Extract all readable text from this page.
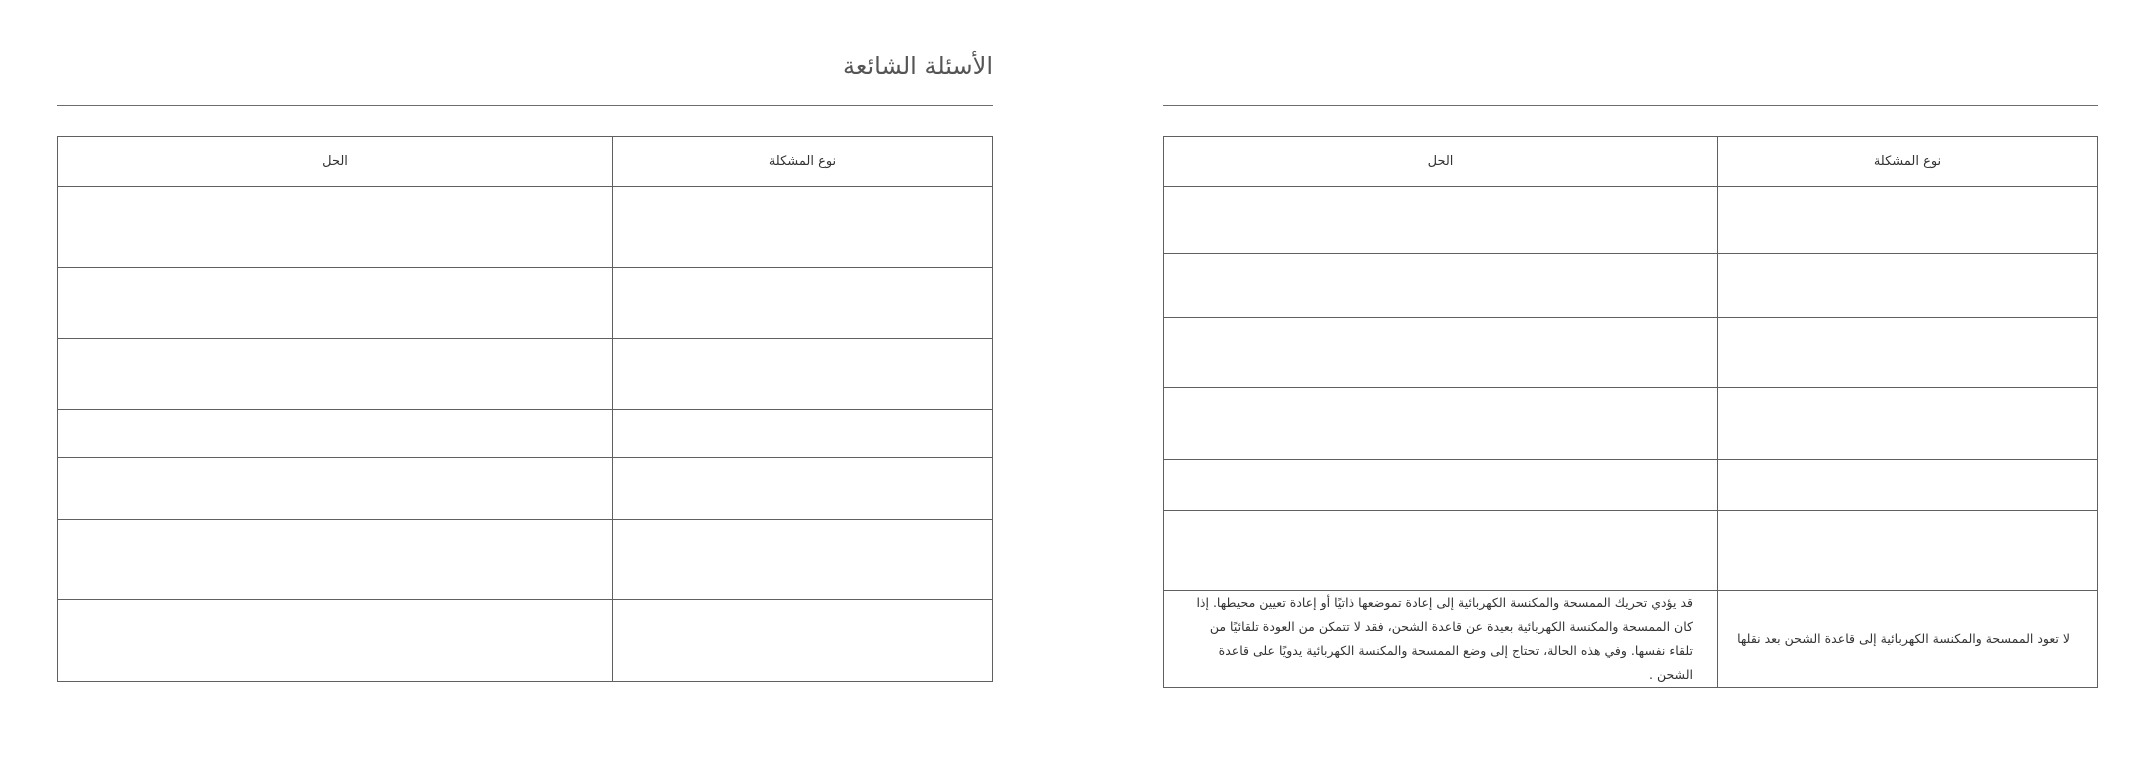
الأسئلة الشائعة
نوع المشكلة	الحل

		نوع المشكلة	الحل

لا تعود الممسحة والمكنسة الكهربائية إلى قاعدة الشحن بعد نقلها	قد يؤدي تحريك الممسحة والمكنسة الكهربائية إلى إعادة تموضعها ذاتيًا أو إعادة تعيين محيطها. إذا كان الممسحة والمكنسة الكهربائية بعيدة عن قاعدة الشحن، فقد لا تتمكن من العودة تلقائيًا من تلقاء نفسها. وفي هذه الحالة، تحتاج إلى وضع الممسحة والمكنسة الكهربائية يدويًا على قاعدة الشحن .
